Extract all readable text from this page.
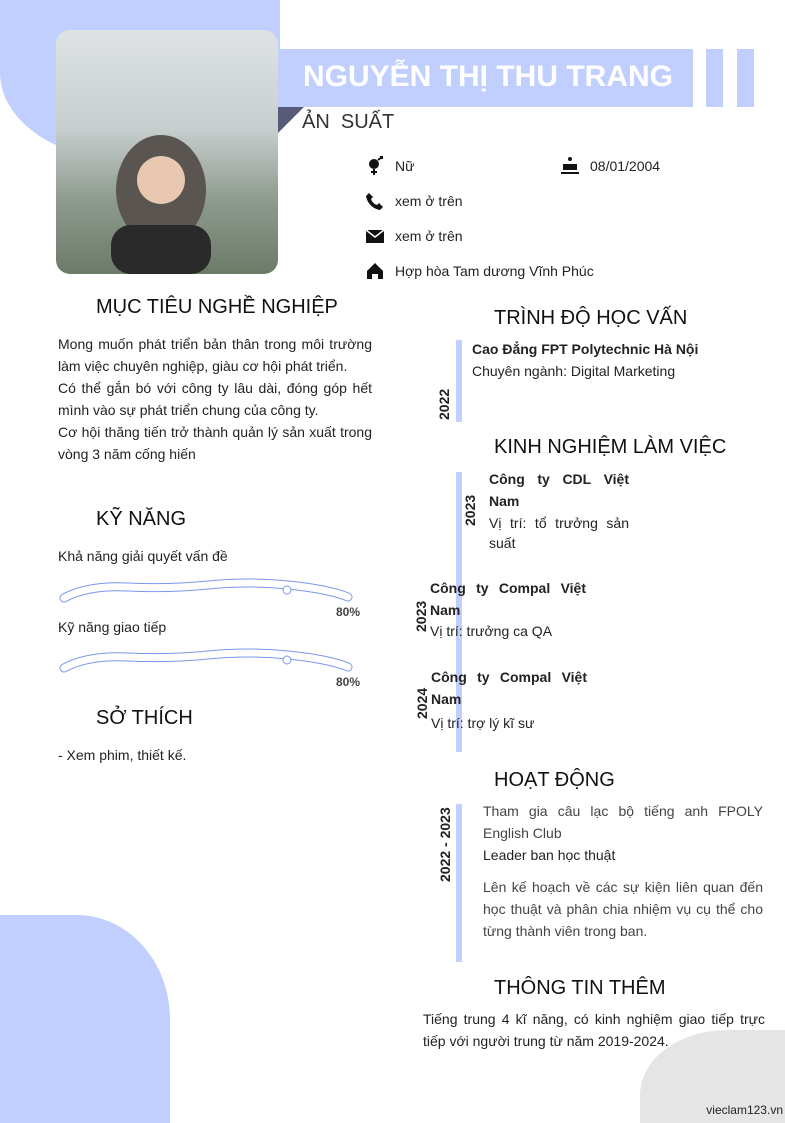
NGUYỄN THỊ THU TRANG
ẢN  SUẤT
Nữ	08/01/2004
xem ở trên
xem ở trên
Hợp hòa Tam dương Vĩnh Phúc
MỤC TIÊU NGHỀ NGHIỆP

Mong muốn phát triển bản thân trong môi trường làm việc chuyên nghiệp, giàu cơ hội phát triển.

Có thể gắn bó với công ty lâu dài, đóng góp hết mình vào sự phát triển chung của công ty.

Cơ hội thăng tiến trở thành quản lý sản xuất trong vòng 3 năm cống hiến

KỸ NĂNG
Khả năng giải quyết vấn đề
80%
Kỹ năng giao tiếp
80%
SỞ THÍCH
- Xem phim, thiết kế.
TRÌNH ĐỘ HỌC VẤN
2022
Cao Đẳng FPT Polytechnic Hà Nội
Chuyên ngành: Digital Marketing
KINH NGHIỆM LÀM VIỆC
2023
Công ty CDL Việt Nam
Vị trí: tổ trưởng sản suất
2023
Công ty Compal Việt Nam
Vị trí: trưởng ca QA
2024
Công ty Compal Việt Nam
Vị trí: trợ lý kĩ sư
HOẠT ĐỘNG
2022 - 2023 Tham gia câu lạc bộ tiếng anh FPOLY English Club
Leader ban học thuật
Lên kế hoạch về các sự kiện liên quan đến học thuật và phân chia nhiệm vụ cụ thể cho từng thành viên trong ban.
THÔNG TIN THÊM
Tiếng trung 4 kĩ năng, có kinh nghiệm giao tiếp trực tiếp với người trung từ năm 2019-2024.
vieclam123.vn
